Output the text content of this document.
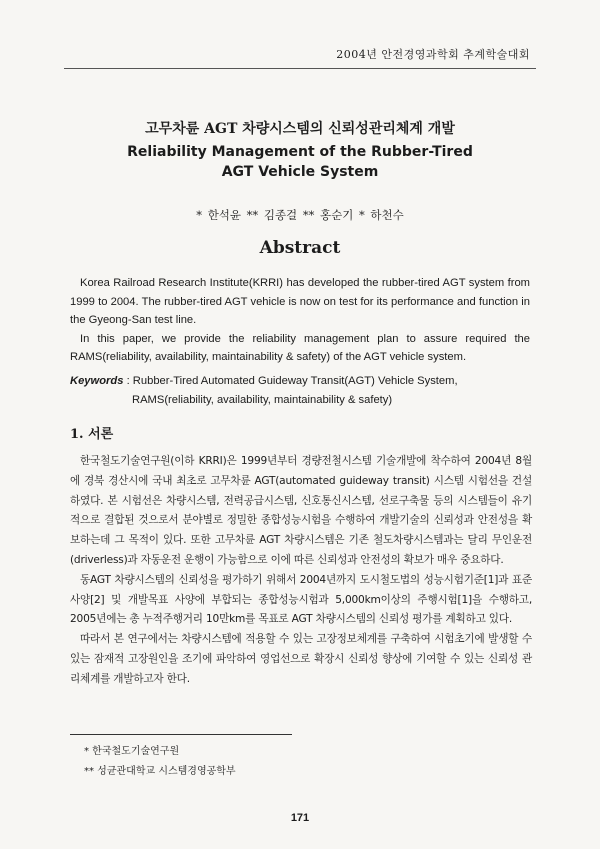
2004년 안전경영과학회 추계학술대회
고무차륜 AGT 차량시스템의 신뢰성관리체계 개발
Reliability Management of the Rubber-Tired
AGT Vehicle System
* 한석윤 ** 김종걸 ** 홍순기 * 하천수
Abstract

Korea Railroad Research Institute(KRRI) has developed the rubber-tired AGT system from 1999 to 2004. The rubber-tired AGT vehicle is now on test for its performance and function in the Gyeong-San test line.

In this paper, we provide the reliability management plan to assure required the RAMS(reliability, availability, maintainability & safety) of the AGT vehicle system.

Keywords : Rubber-Tired Automated Guideway Transit(AGT) Vehicle System,
RAMS(reliability, availability, maintainability & safety)
1. 서론

한국철도기술연구원(이하 KRRI)은 1999년부터 경량전철시스템 기술개발에 착수하여 2004년 8월에 경북 경산시에 국내 최초로 고무차륜 AGT(automated guideway transit) 시스템 시험선을 건설하였다. 본 시험선은 차량시스템, 전력공급시스템, 신호통신시스템, 선로구축물 등의 시스템들이 유기적으로 결합된 것으로서 분야별로 정밀한 종합성능시험을 수행하여 개발기술의 신뢰성과 안전성을 확보하는데 그 목적이 있다. 또한 고무차륜 AGT 차량시스템은 기존 철도차량시스템과는 달리 무인운전(driverless)과 자동운전 운행이 가능함으로 이에 따른 신뢰성과 안전성의 확보가 매우 중요하다.

동AGT 차량시스템의 신뢰성을 평가하기 위해서 2004년까지 도시철도법의 성능시험기준[1]과 표준사양[2] 및 개발목표 사양에 부합되는 종합성능시험과 5,000km이상의 주행시험[1]을 수행하고, 2005년에는 총 누적주행거리 10만km를 목표로 AGT 차량시스템의 신뢰성 평가를 계획하고 있다.

따라서 본 연구에서는 차량시스템에 적용할 수 있는 고장정보체계를 구축하여 시험초기에 발생할 수 있는 잠재적 고장원인을 조기에 파악하여 영업선으로 확장시 신뢰성 향상에 기여할 수 있는 신뢰성 관리체계를 개발하고자 한다.

* 한국철도기술연구원
** 성균관대학교 시스템경영공학부
171
